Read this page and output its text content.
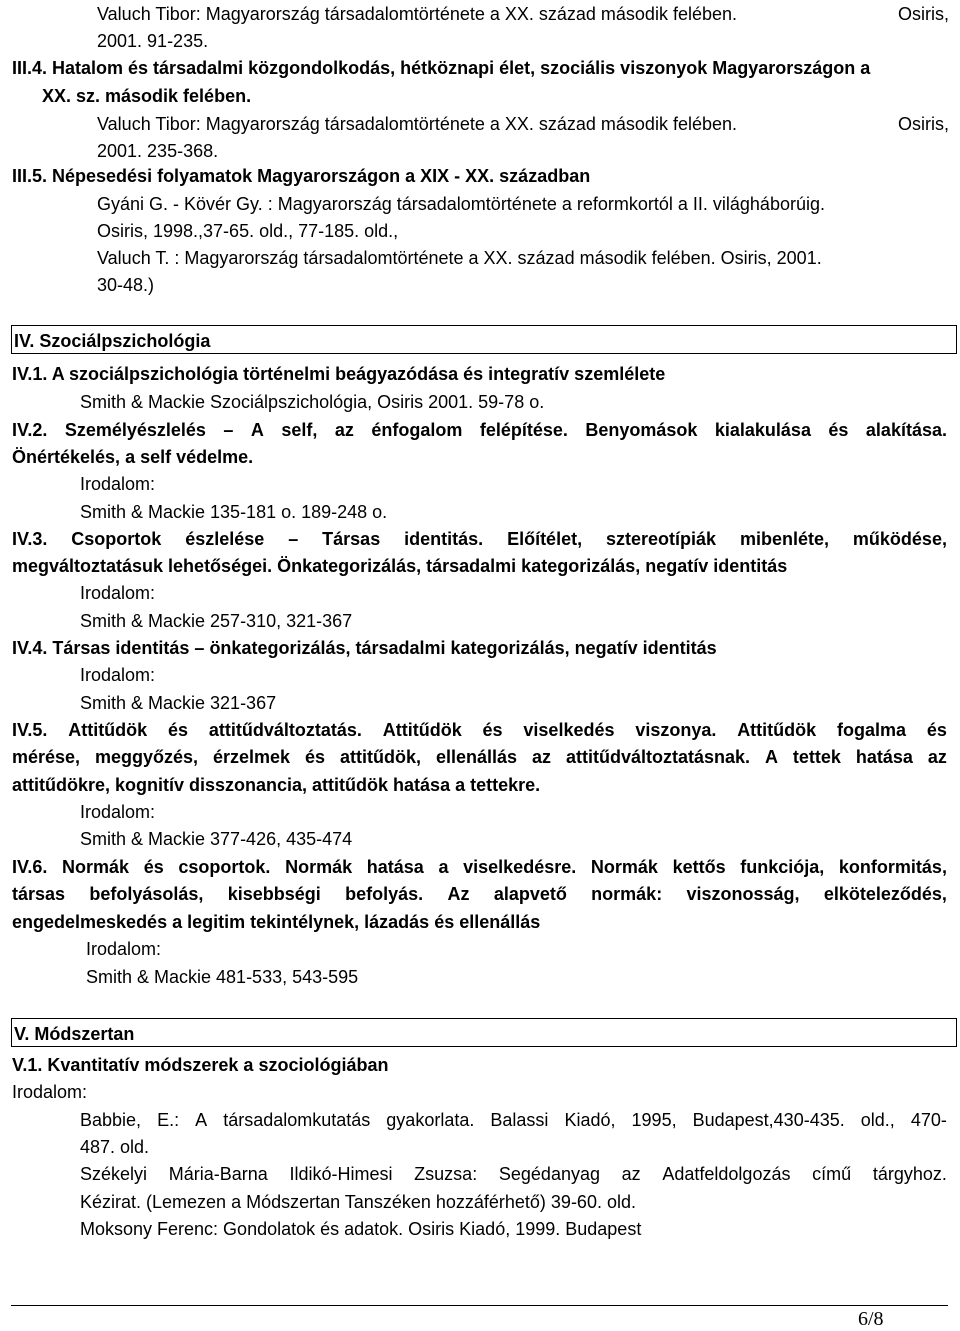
Valuch Tibor: Magyarország társadalomtörténete a XX. század második felében.	Osiris,
2001. 91-235.
III.4. Hatalom és társadalmi közgondolkodás, hétköznapi élet, szociális viszonyok Magyarországon a
XX. sz. második felében.
Valuch Tibor: Magyarország társadalomtörténete a XX. század második felében.	Osiris,
2001. 235-368.
III.5. Népesedési folyamatok Magyarországon a XIX - XX. században
Gyáni G. - Kövér Gy. : Magyarország társadalomtörténete a reformkortól a II. világháborúig.
Osiris, 1998.,37-65. old., 77-185. old.,
Valuch T. : Magyarország társadalomtörténete a XX. század második felében. Osiris, 2001.
30-48.)
IV. Szociálpszichológia
IV.1. A szociálpszichológia történelmi beágyazódása és integratív szemlélete
Smith & Mackie Szociálpszichológia, Osiris 2001. 59-78 o.
IV.2. Személyészlelés – A self, az énfogalom felépítése. Benyomások kialakulása és alakítása.
Önértékelés, a self védelme.
Irodalom:
Smith & Mackie 135-181 o. 189-248 o.
IV.3. Csoportok észlelése – Társas identitás. Előítélet, sztereotípiák mibenléte, működése,
megváltoztatásuk lehetőségei. Önkategorizálás, társadalmi kategorizálás, negatív identitás
Irodalom:
Smith & Mackie 257-310, 321-367
IV.4. Társas identitás – önkategorizálás, társadalmi kategorizálás, negatív identitás
Irodalom:
Smith & Mackie 321-367
IV.5. Attitűdök és attitűdváltoztatás. Attitűdök és viselkedés viszonya. Attitűdök fogalma és
mérése, meggyőzés, érzelmek és attitűdök, ellenállás az attitűdváltoztatásnak. A tettek hatása az
attitűdökre, kognitív disszonancia, attitűdök hatása a tettekre.
Irodalom:
Smith & Mackie 377-426, 435-474
IV.6. Normák és csoportok. Normák hatása a viselkedésre. Normák kettős funkciója, konformitás,
társas befolyásolás, kisebbségi befolyás. Az alapvető normák: viszonosság, elköteleződés,
engedelmeskedés a legitim tekintélynek, lázadás és ellenállás
Irodalom:
Smith & Mackie 481-533, 543-595
V. Módszertan
V.1. Kvantitatív módszerek a szociológiában
Irodalom:
Babbie, E.: A társadalomkutatás gyakorlata. Balassi Kiadó, 1995, Budapest,430-435. old., 470-
487. old.
Székelyi Mária-Barna Ildikó-Himesi Zsuzsa: Segédanyag az Adatfeldolgozás című tárgyhoz.
Kézirat. (Lemezen a Módszertan Tanszéken hozzáférhető) 39-60. old.
Moksony Ferenc: Gondolatok és adatok. Osiris Kiadó, 1999. Budapest
6/8
